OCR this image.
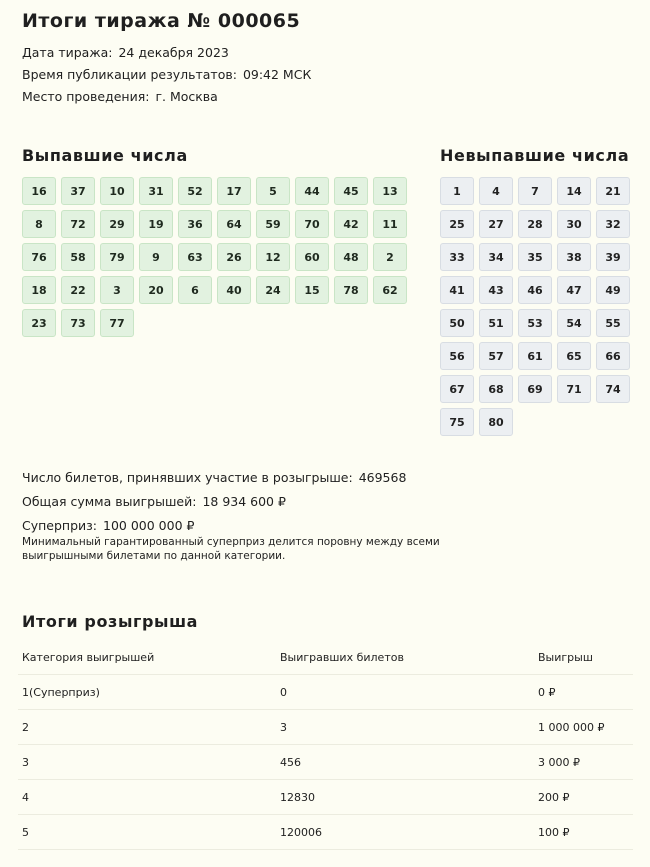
Итоги тиража № 000065
Дата тиража: 24 декабря 2023
Время публикации результатов: 09:42 МСК
Место проведения: г. Москва
Выпавшие числа	Невыпавшие числа
16	37	10	31	52	17	5	44	45	13
8	72	29	19	36	64	59	70	42	11
76	58	79	9	63	26	12	60	48	2
18	22	3	20	6	40	24	15	78	62
23	73	77
1	4	7	14	21
25	27	28	30	32
33	34	35	38	39
41	43	46	47	49
50	51	53	54	55
56	57	61	65	66
67	68	69	71	74
75	80
Число билетов, принявших участие в розыгрыше: 469568
Общая сумма выигрышей: 18 934 600 ₽
Суперприз: 100 000 000 ₽
Минимальный гарантированный суперприз делится поровну между всеми выигрышными билетами по данной категории.
Итоги розыгрыша
Категория выигрышей	Выигравших билетов	Выигрыш
1(Суперприз)	0	0 ₽
2	3	1 000 000 ₽
3	456	3 000 ₽
4	12830	200 ₽
5	120006	100 ₽
